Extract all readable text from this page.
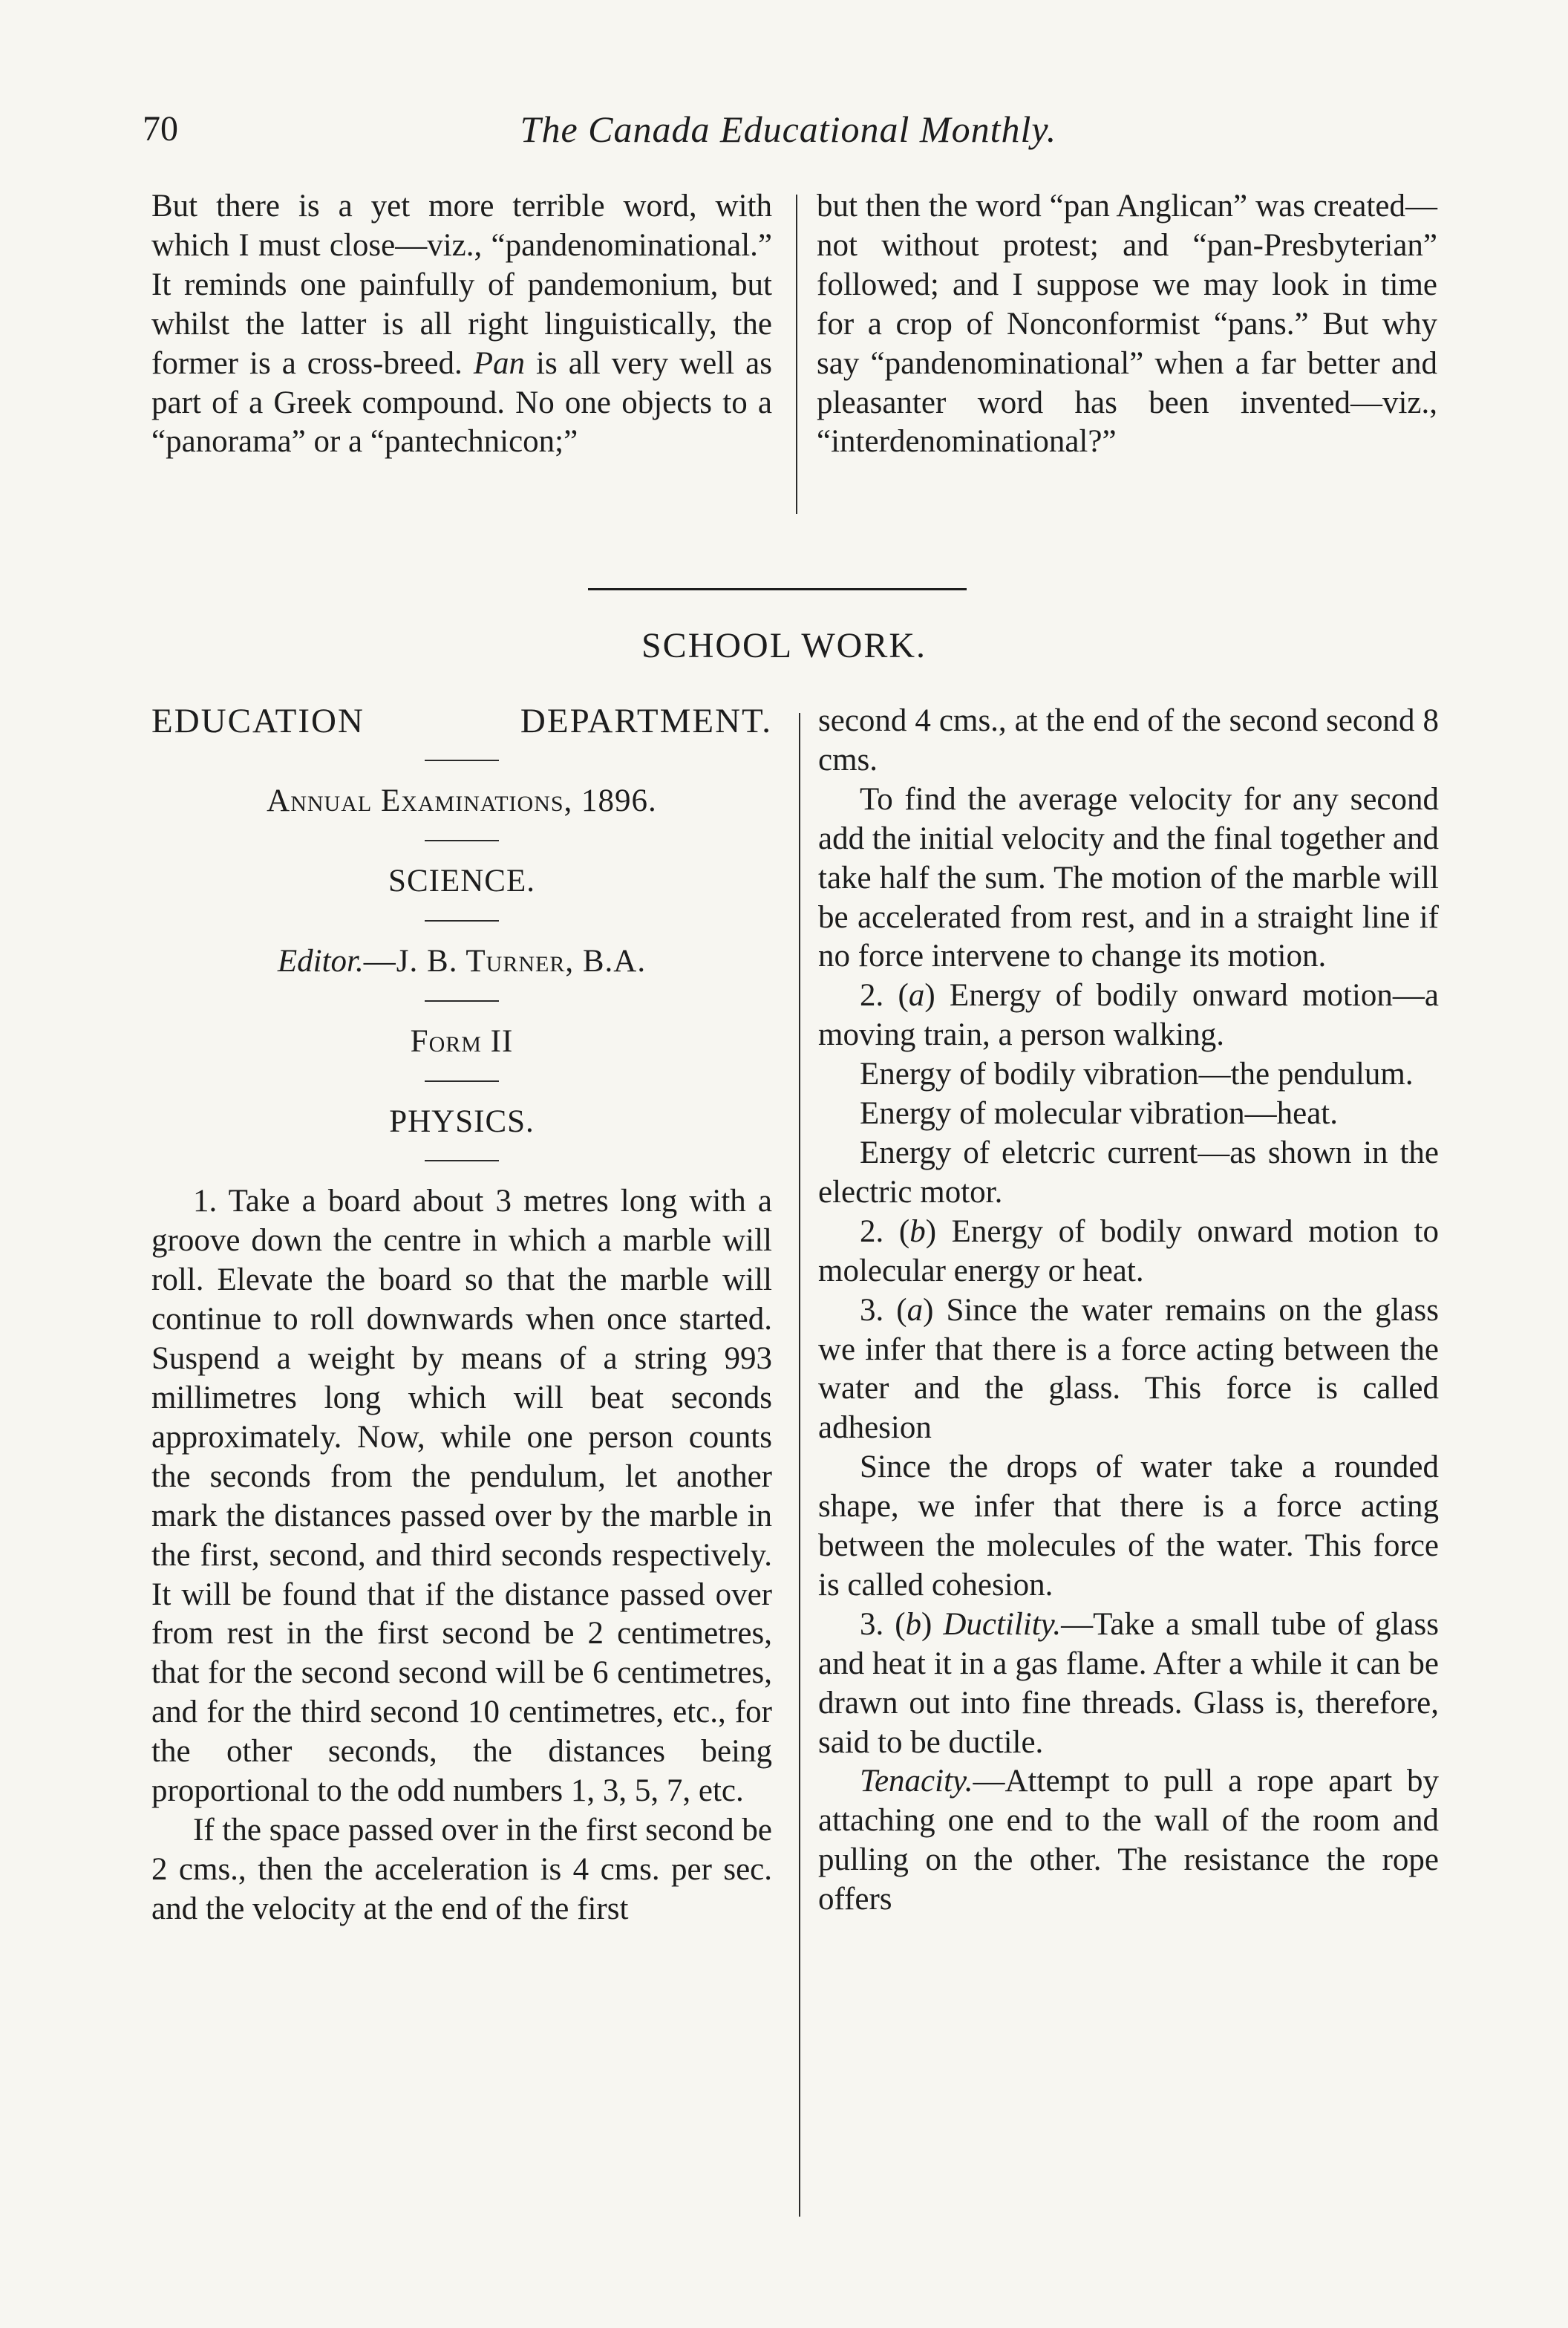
70	The Canada Educational Monthly.

But there is a yet more terrible word, with which I must close—viz., “pandenominational.” It reminds one painfully of pandemonium, but whilst the latter is all right linguistically, the former is a cross-breed. Pan is all very well as part of a Greek compound. No one objects to a “panorama” or a “pantechnicon;”

but then the word “pan Anglican” was created—not without protest; and “pan-Presbyterian” followed; and I suppose we may look in time for a crop of Nonconformist “pans.” But why say “pandenominational” when a far better and pleasanter word has been invented—viz., “interdenominational?”

SCHOOL WORK.
EDUCATION	DEPARTMENT.

Annual Examinations, 1896.

SCIENCE.

Editor.—J. B. Turner, B.A.

Form II

PHYSICS.

1. Take a board about 3 metres long with a groove down the centre in which a marble will roll. Elevate the board so that the marble will continue to roll downwards when once started. Suspend a weight by means of a string 993 millimetres long which will beat seconds approximately. Now, while one person counts the seconds from the pendulum, let another mark the distances passed over by the marble in the first, second, and third seconds respectively. It will be found that if the distance passed over from rest in the first second be 2 centimetres, that for the second second will be 6 centimetres, and for the third second 10 centimetres, etc., for the other seconds, the distances being proportional to the odd numbers 1, 3, 5, 7, etc.

If the space passed over in the first second be 2 cms., then the acceleration is 4 cms. per sec. and the velocity at the end of the first

second 4 cms., at the end of the second second 8 cms.

To find the average velocity for any second add the initial velocity and the final together and take half the sum. The motion of the marble will be accelerated from rest, and in a straight line if no force intervene to change its motion.

2. (a) Energy of bodily onward motion—a moving train, a person walking.

Energy of bodily vibration—the pendulum.

Energy of molecular vibration—heat.

Energy of eletcric current—as shown in the electric motor.

2. (b) Energy of bodily onward motion to molecular energy or heat.

3. (a) Since the water remains on the glass we infer that there is a force acting between the water and the glass. This force is called adhesion

Since the drops of water take a rounded shape, we infer that there is a force acting between the molecules of the water. This force is called cohesion.

3. (b) Ductility.—Take a small tube of glass and heat it in a gas flame. After a while it can be drawn out into fine threads. Glass is, therefore, said to be ductile.

Tenacity.—Attempt to pull a rope apart by attaching one end to the wall of the room and pulling on the other. The resistance the rope offers
